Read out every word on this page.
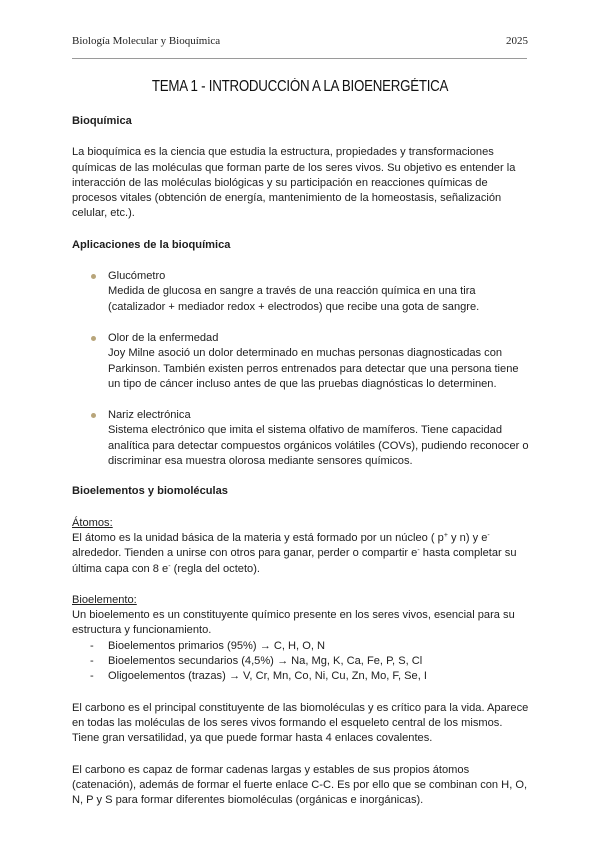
Biología Molecular y Bioquímica	2025
TEMA 1 - INTRODUCCIÓN A LA BIOENERGÉTICA

Bioquímica

La bioquímica es la ciencia que estudia la estructura, propiedades y transformaciones químicas de las moléculas que forman parte de los seres vivos. Su objetivo es entender la interacción de las moléculas biológicas y su participación en reacciones químicas de procesos vitales (obtención de energía, mantenimiento de la homeostasis, señalización celular, etc.).

Aplicaciones de la bioquímica

Glucómetro

Medida de glucosa en sangre a través de una reacción química en una tira (catalizador + mediador redox + electrodos) que recibe una gota de sangre.

Olor de la enfermedad

Joy Milne asoció un dolor determinado en muchas personas diagnosticadas con Parkinson. También existen perros entrenados para detectar que una persona tiene un tipo de cáncer incluso antes de que las pruebas diagnósticas lo determinen.

Nariz electrónica

Sistema electrónico que imita el sistema olfativo de mamíferos. Tiene capacidad analítica para detectar compuestos orgánicos volátiles (COVs), pudiendo reconocer o discriminar esa muestra olorosa mediante sensores químicos.

Bioelementos y biomoléculas

Átomos:

El átomo es la unidad básica de la materia y está formado por un núcleo ( p+ y n) y e- alrededor. Tienden a unirse con otros para ganar, perder o compartir e- hasta completar su última capa con 8 e- (regla del octeto).

Bioelemento:

Un bioelemento es un constituyente químico presente en los seres vivos, esencial para su estructura y funcionamiento.

- Bioelementos primarios (95%) → C, H, O, N
- Bioelementos secundarios (4,5%) → Na, Mg, K, Ca, Fe, P, S, Cl
- Oligoelementos (trazas) → V, Cr, Mn, Co, Ni, Cu, Zn, Mo, F, Se, I

El carbono es el principal constituyente de las biomoléculas y es crítico para la vida. Aparece en todas las moléculas de los seres vivos formando el esqueleto central de los mismos. Tiene gran versatilidad, ya que puede formar hasta 4 enlaces covalentes.

El carbono es capaz de formar cadenas largas y estables de sus propios átomos (catenación), además de formar el fuerte enlace C-C. Es por ello que se combinan con H, O, N, P y S para formar diferentes biomoléculas (orgánicas e inorgánicas).
